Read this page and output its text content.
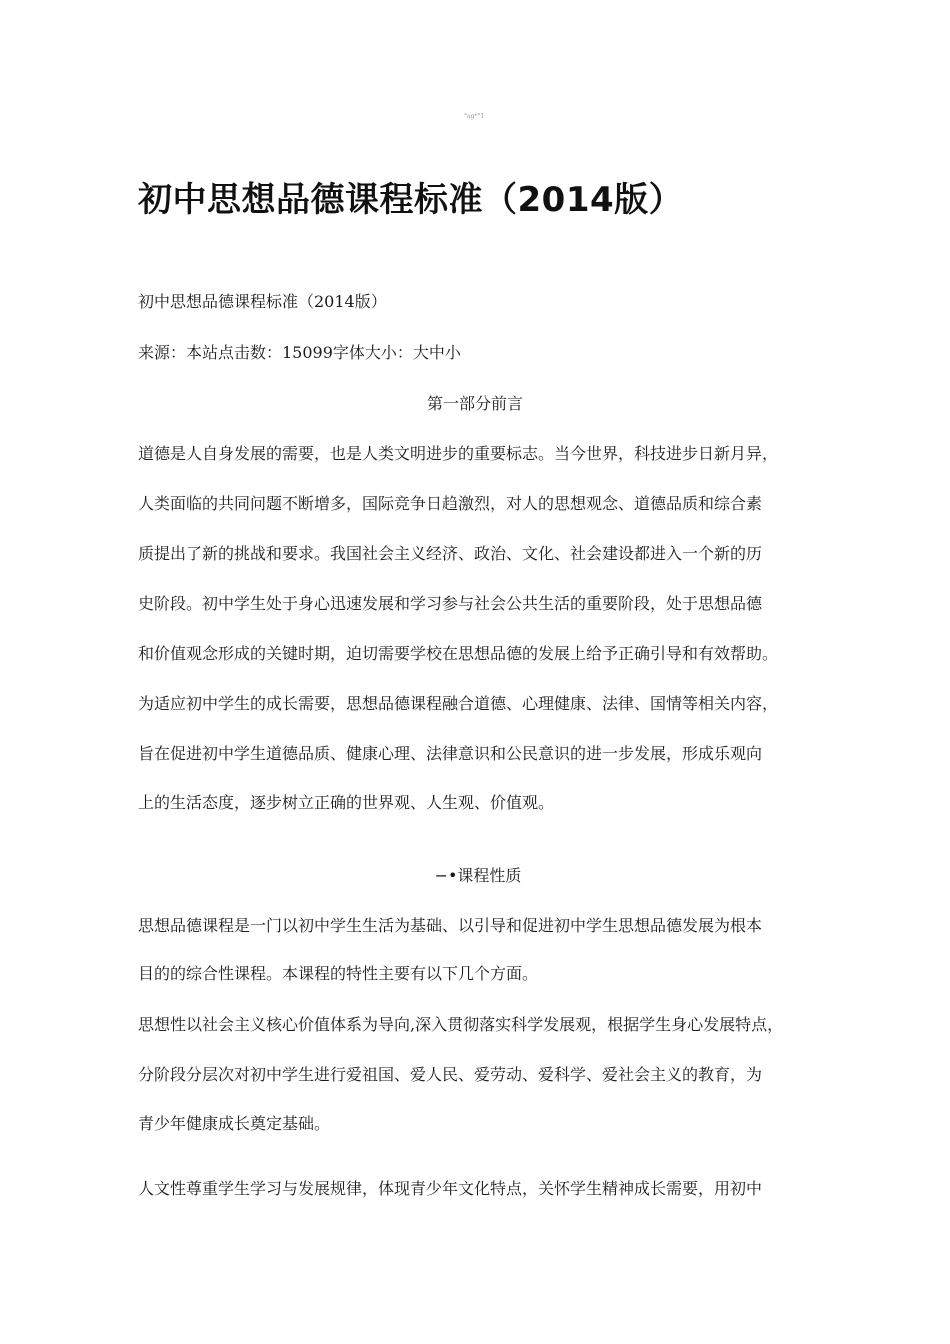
°ag*°1
初中思想品德课程标准（2014版）
初中思想品德课程标准（2014版）
来源：本站点击数：15099字体大小：大中小
第一部分前言
道德是人自身发展的需要，也是人类文明进步的重要标志。当今世界，科技进步日新月异，
人类面临的共同问题不断增多，国际竞争日趋激烈，对人的思想观念、道德品质和综合素
质提出了新的挑战和要求。我国社会主义经济、政治、文化、社会建设都进入一个新的历
史阶段。初中学生处于身心迅速发展和学习参与社会公共生活的重要阶段，处于思想品德
和价值观念形成的关键时期，迫切需要学校在思想品德的发展上给予正确引导和有效帮助。
为适应初中学生的成长需要，思想品德课程融合道德、心理健康、法律、国情等相关内容，
旨在促进初中学生道德品质、健康心理、法律意识和公民意识的进一步发展，形成乐观向
上的生活态度，逐步树立正确的世界观、人生观、价值观。
−•课程性质
思想品德课程是一门以初中学生生活为基础、以引导和促进初中学生思想品德发展为根本
目的的综合性课程。本课程的特性主要有以下几个方面。
思想性以社会主义核心价值体系为导向,深入贯彻落实科学发展观，根据学生身心发展特点，
分阶段分层次对初中学生进行爱祖国、爱人民、爱劳动、爱科学、爱社会主义的教育，为
青少年健康成长奠定基础。
人文性尊重学生学习与发展规律，体现青少年文化特点，关怀学生精神成长需要，用初中
